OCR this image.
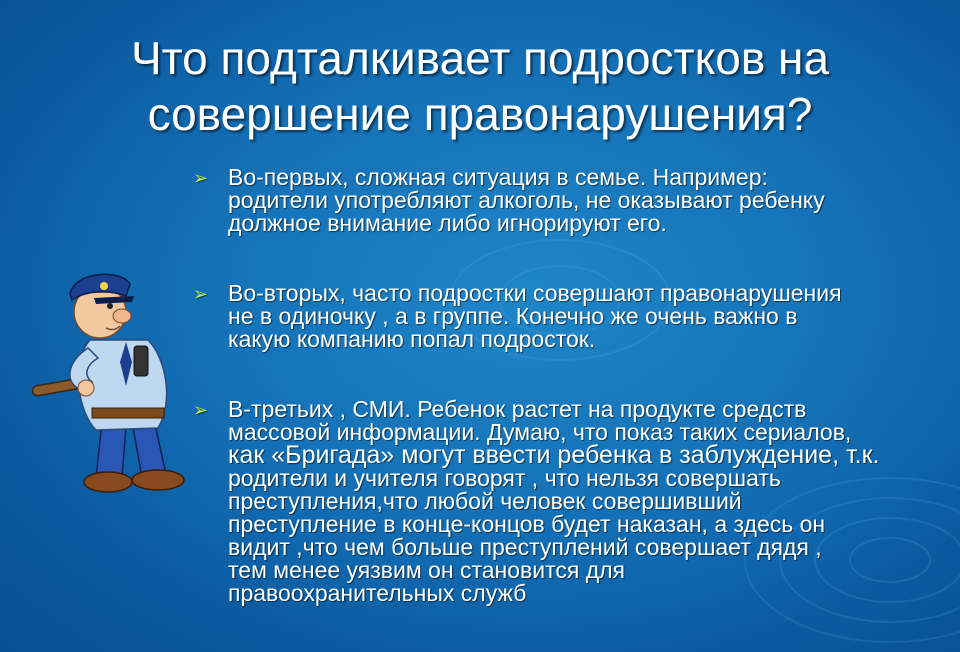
Что подталкивает подростков на
совершение правонарушения?
➢ Во-первых, сложная ситуация в семье. Например:

родители употребляют алкоголь, не оказывают ребенку

должное внимание либо игнорируют его.

➢ Во-вторых, часто подростки совершают правонарушения

не в одиночку , а в группе. Конечно же очень важно в

какую компанию попал подросток.

➢ В-третьих , СМИ. Ребенок растет на продукте средств

массовой информации. Думаю, что показ таких сериалов,

как «Бригада» могут ввести ребенка в заблуждение, т.к.

родители и учителя говорят , что нельзя совершать

преступления,что любой человек совершивший

преступление в конце-концов будет наказан, а здесь он

видит ,что чем больше преступлений совершает дядя ,

тем менее уязвим он становится для

правоохранительных служб
